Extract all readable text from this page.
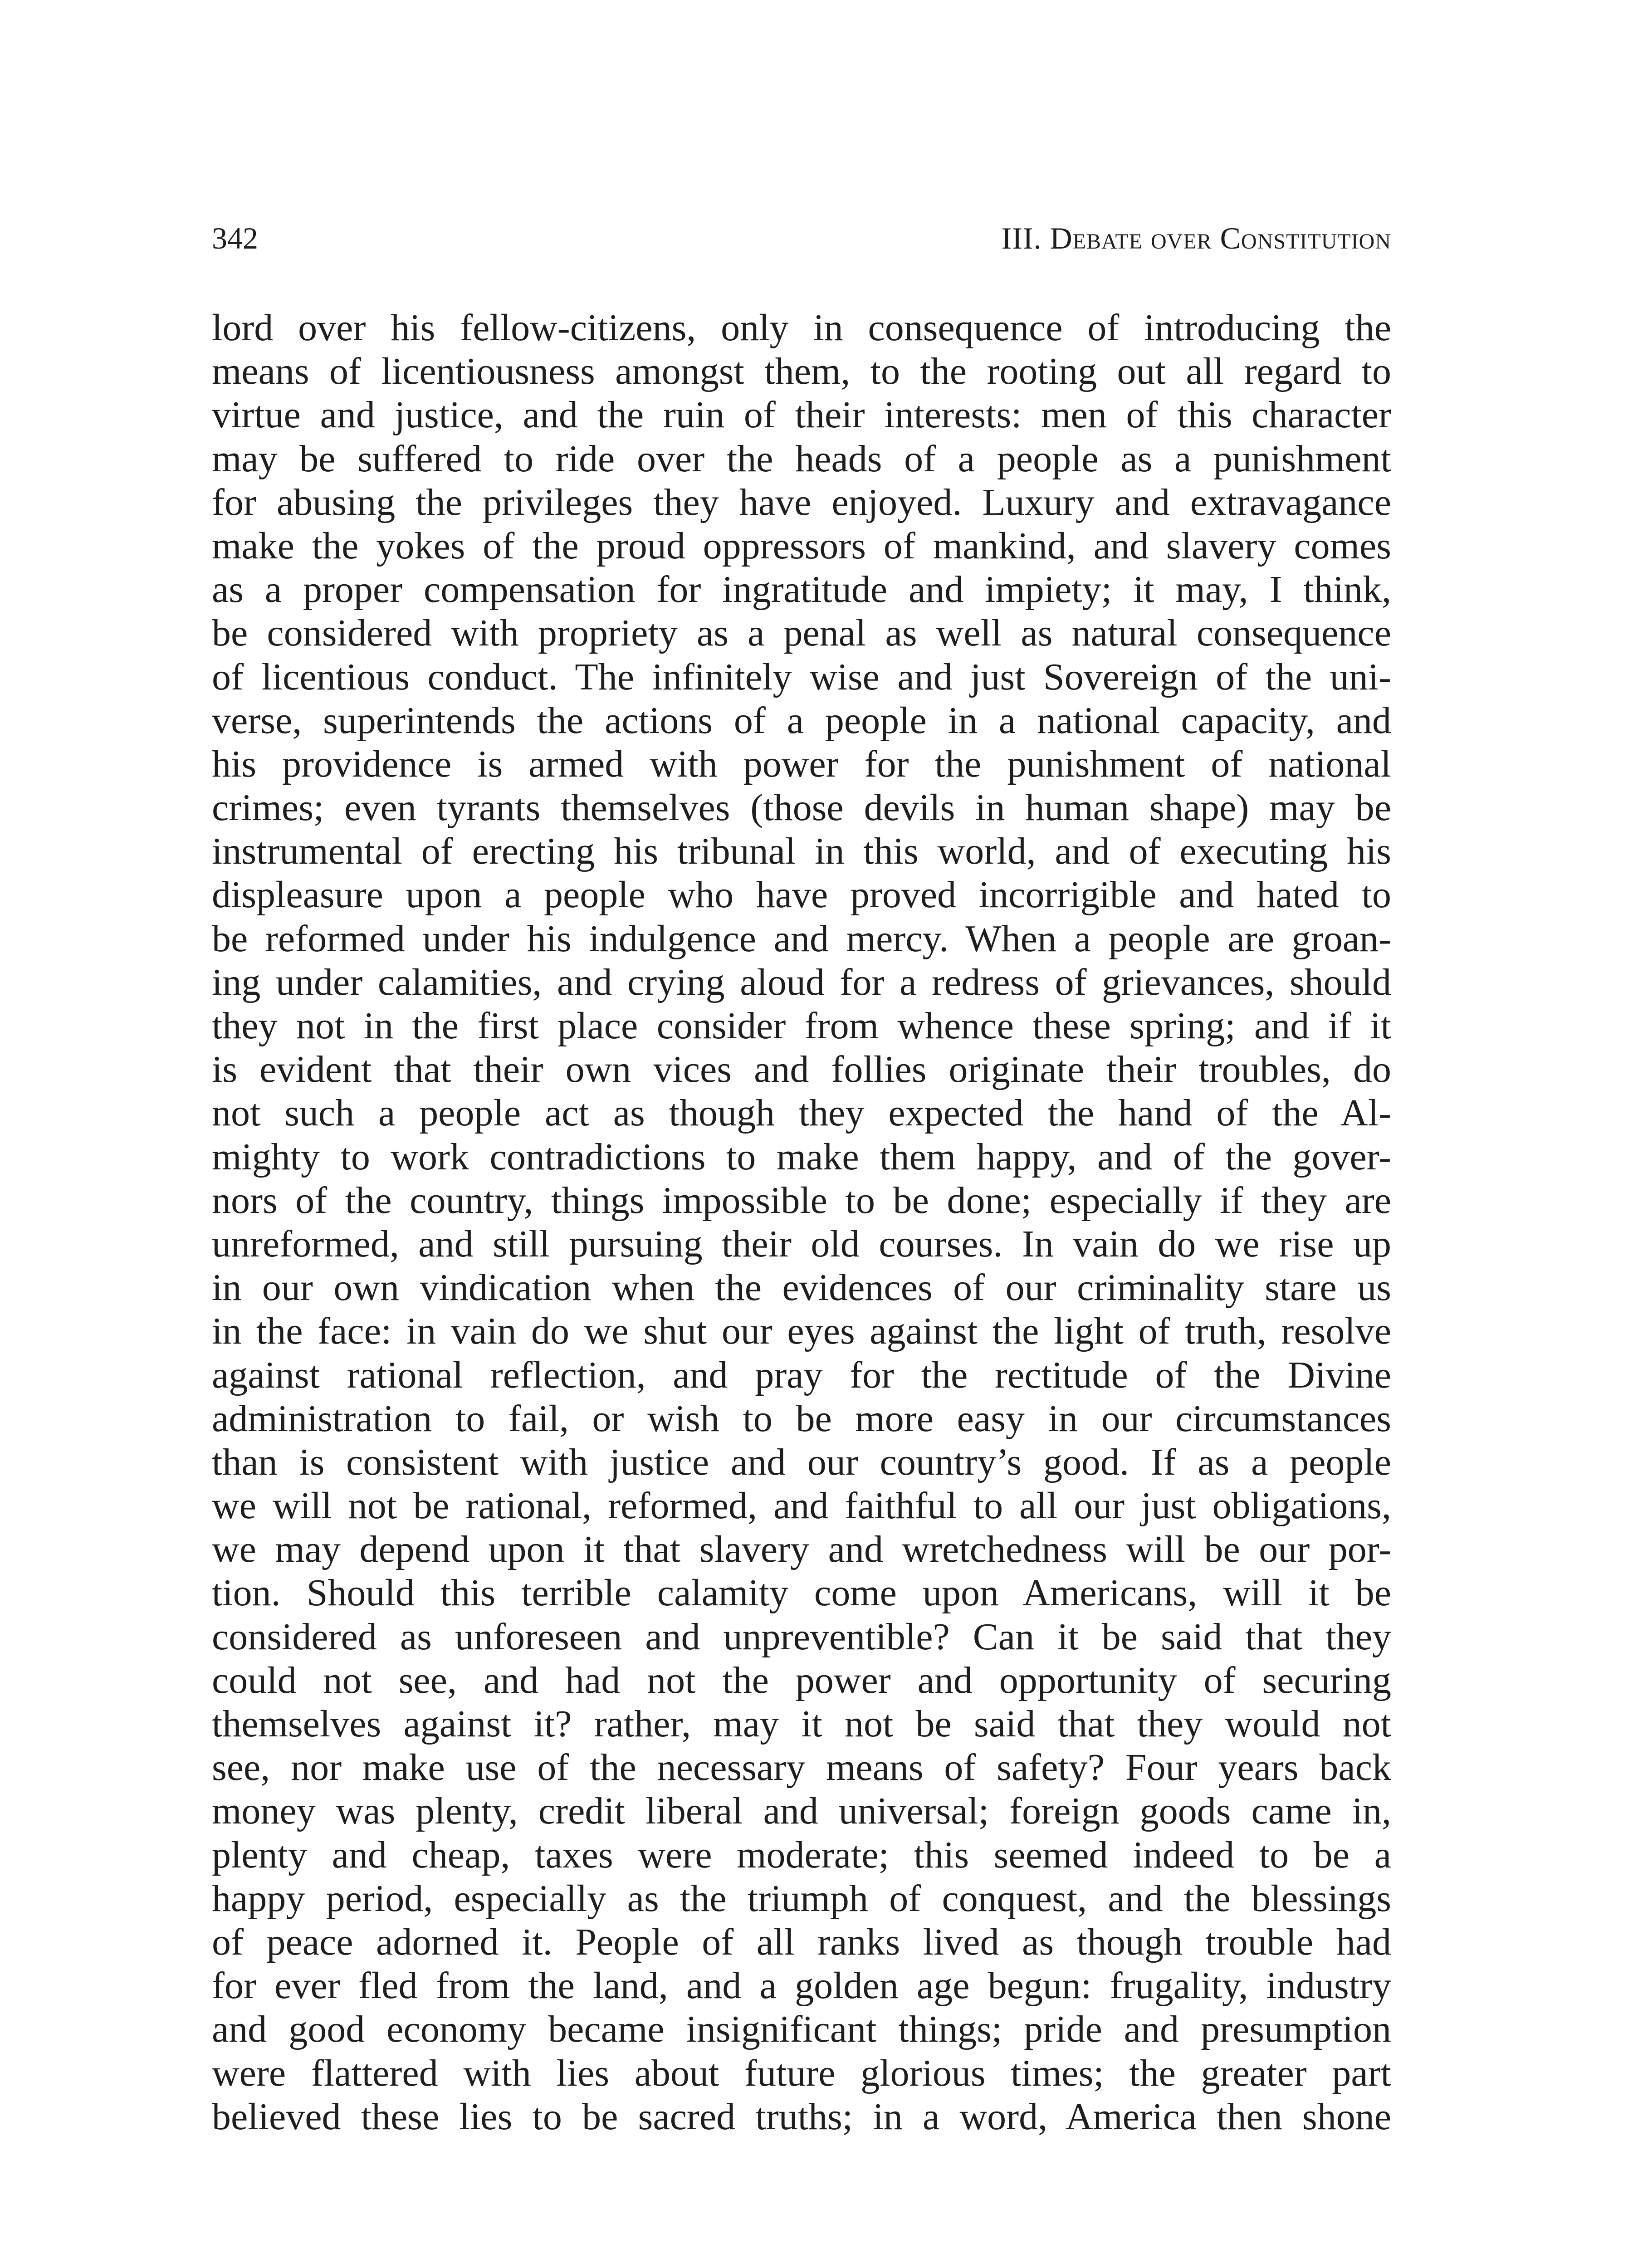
342	III. Debate over Constitution
lord over his fellow-citizens, only in consequence of introducing the
means of licentiousness amongst them, to the rooting out all regard to
virtue and justice, and the ruin of their interests: men of this character
may be suffered to ride over the heads of a people as a punishment
for abusing the privileges they have enjoyed. Luxury and extravagance
make the yokes of the proud oppressors of mankind, and slavery comes
as a proper compensation for ingratitude and impiety; it may, I think,
be considered with propriety as a penal as well as natural consequence
of licentious conduct. The infinitely wise and just Sovereign of the uni-
verse, superintends the actions of a people in a national capacity, and
his providence is armed with power for the punishment of national
crimes; even tyrants themselves (those devils in human shape) may be
instrumental of erecting his tribunal in this world, and of executing his
displeasure upon a people who have proved incorrigible and hated to
be reformed under his indulgence and mercy. When a people are groan-
ing under calamities, and crying aloud for a redress of grievances, should
they not in the first place consider from whence these spring; and if it
is evident that their own vices and follies originate their troubles, do
not such a people act as though they expected the hand of the Al-
mighty to work contradictions to make them happy, and of the gover-
nors of the country, things impossible to be done; especially if they are
unreformed, and still pursuing their old courses. In vain do we rise up
in our own vindication when the evidences of our criminality stare us
in the face: in vain do we shut our eyes against the light of truth, resolve
against rational reflection, and pray for the rectitude of the Divine
administration to fail, or wish to be more easy in our circumstances
than is consistent with justice and our country’s good. If as a people
we will not be rational, reformed, and faithful to all our just obligations,
we may depend upon it that slavery and wretchedness will be our por-
tion. Should this terrible calamity come upon Americans, will it be
considered as unforeseen and unpreventible? Can it be said that they
could not see, and had not the power and opportunity of securing
themselves against it? rather, may it not be said that they would not
see, nor make use of the necessary means of safety? Four years back
money was plenty, credit liberal and universal; foreign goods came in,
plenty and cheap, taxes were moderate; this seemed indeed to be a
happy period, especially as the triumph of conquest, and the blessings
of peace adorned it. People of all ranks lived as though trouble had
for ever fled from the land, and a golden age begun: frugality, industry
and good economy became insignificant things; pride and presumption
were flattered with lies about future glorious times; the greater part
believed these lies to be sacred truths; in a word, America then shone
